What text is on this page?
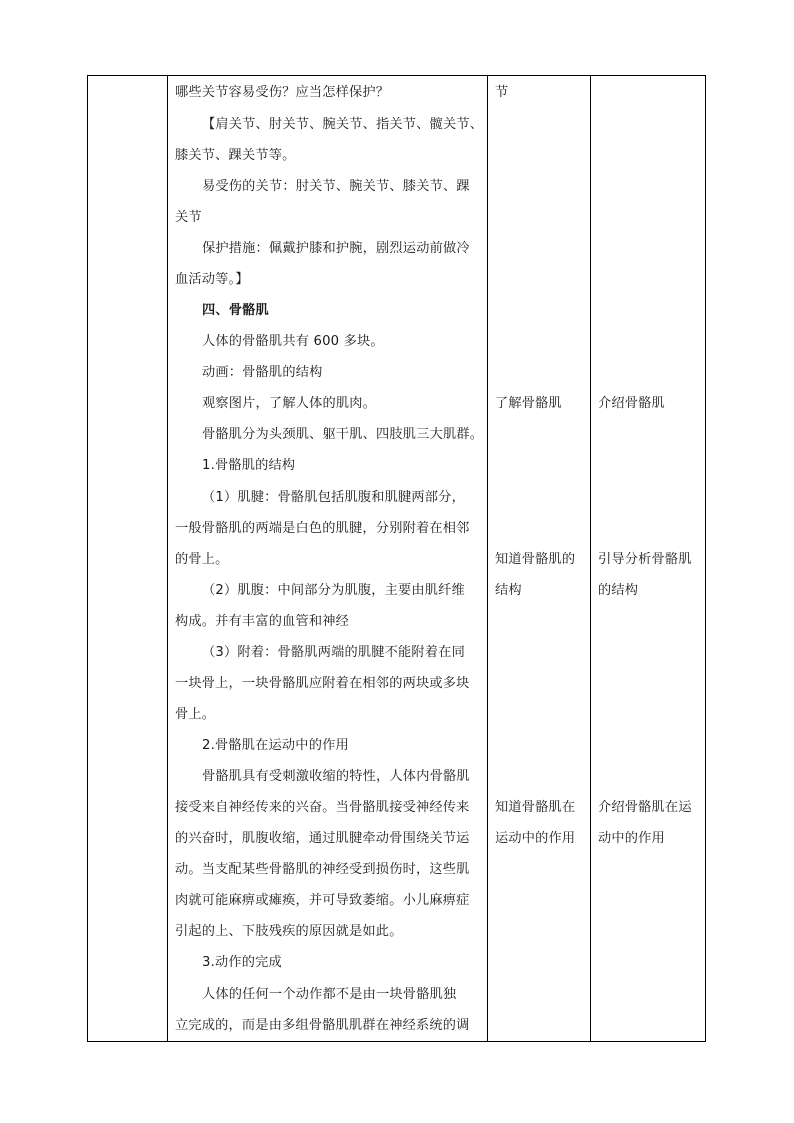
哪些关节容易受伤？应当怎样保护？
【肩关节、肘关节、腕关节、指关节、髋关节、
膝关节、踝关节等。
易受伤的关节：肘关节、腕关节、膝关节、踝
关节
保护措施：佩戴护膝和护腕，剧烈运动前做冷
血活动等。】
四、骨骼肌
人体的骨骼肌共有 600 多块。
动画：骨骼肌的结构
观察图片，了解人体的肌肉。
骨骼肌分为头颈肌、躯干肌、四肢肌三大肌群。
1.骨骼肌的结构
（1）肌腱：骨骼肌包括肌腹和肌腱两部分，
一般骨骼肌的两端是白色的肌腱，分别附着在相邻
的骨上。
（2）肌腹：中间部分为肌腹，主要由肌纤维
构成。并有丰富的血管和神经
（3）附着：骨骼肌两端的肌腱不能附着在同
一块骨上，一块骨骼肌应附着在相邻的两块或多块
骨上。
2.骨骼肌在运动中的作用
骨骼肌具有受刺激收缩的特性，人体内骨骼肌
接受来自神经传来的兴奋。当骨骼肌接受神经传来
的兴奋时，肌腹收缩，通过肌腱牵动骨围绕关节运
动。当支配某些骨骼肌的神经受到损伤时，这些肌
肉就可能麻痹或瘫痪，并可导致萎缩。小儿麻痹症
引起的上、下肢残疾的原因就是如此。
3.动作的完成
人体的任何一个动作都不是由一块骨骼肌独
立完成的，而是由多组骨骼肌肌群在神经系统的调
节
了解骨骼肌
知道骨骼肌的
结构
知道骨骼肌在
运动中的作用
介绍骨骼肌
引导分析骨骼肌
的结构
介绍骨骼肌在运
动中的作用
